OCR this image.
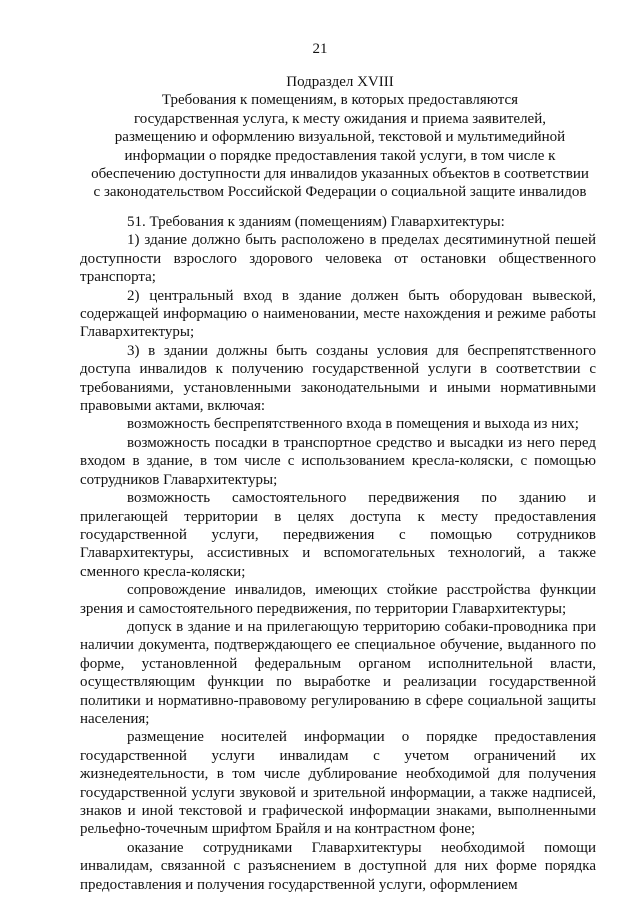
21
Подраздел XVIII
Требования к помещениям, в которых предоставляются
государственная услуга, к месту ожидания и приема заявителей,
размещению и оформлению визуальной, текстовой и мультимедийной
информации о порядке предоставления такой услуги, в том числе к
обеспечению доступности для инвалидов указанных объектов в соответствии
с законодательством Российской Федерации о социальной защите инвалидов

51. Требования к зданиям (помещениям) Главархитектуры:

1) здание должно быть расположено в пределах десятиминутной пешей доступности взрослого здорового человека от остановки общественного транспорта;

2) центральный вход в здание должен быть оборудован вывеской, содержащей информацию о наименовании, месте нахождения и режиме работы Главархитектуры;

3) в здании должны быть созданы условия для беспрепятственного доступа инвалидов к получению государственной услуги в соответствии с требованиями, установленными законодательными и иными нормативными правовыми актами, включая:

возможность беспрепятственного входа в помещения и выхода из них;

возможность посадки в транспортное средство и высадки из него перед входом в здание, в том числе с использованием кресла-коляски, с помощью сотрудников Главархитектуры;

возможность самостоятельного передвижения по зданию и прилегающей территории в целях доступа к месту предоставления государственной услуги, передвижения с помощью сотрудников Главархитектуры, ассистивных и вспомогательных технологий, а также сменного кресла-коляски;

сопровождение инвалидов, имеющих стойкие расстройства функции зрения и самостоятельного передвижения, по территории Главархитектуры;

допуск в здание и на прилегающую территорию собаки-проводника при наличии документа, подтверждающего ее специальное обучение, выданного по форме, установленной федеральным органом исполнительной власти, осуществляющим функции по выработке и реализации государственной политики и нормативно-правовому регулированию в сфере социальной защиты населения;

размещение носителей информации о порядке предоставления государственной услуги инвалидам с учетом ограничений их жизнедеятельности, в том числе дублирование необходимой для получения государственной услуги звуковой и зрительной информации, а также надписей, знаков и иной текстовой и графической информации знаками, выполненными рельефно-точечным шрифтом Брайля и на контрастном фоне;

оказание сотрудниками Главархитектуры необходимой помощи инвалидам, связанной с разъяснением в доступной для них форме порядка предоставления и получения государственной услуги, оформлением
